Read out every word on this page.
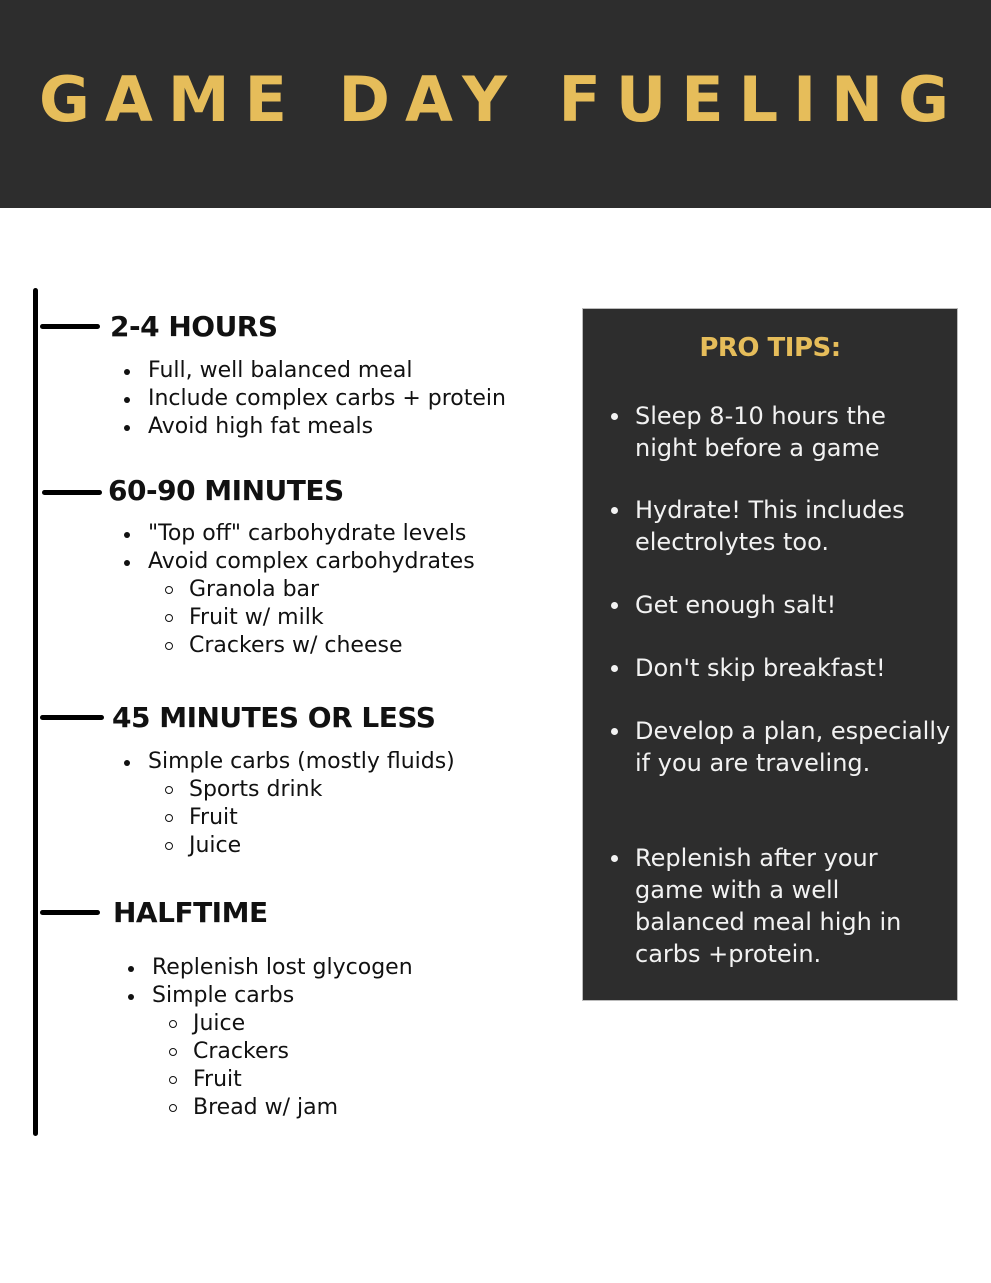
GAME DAY FUELING
2-4 HOURS
Full, well balanced meal
Include complex carbs + protein
Avoid high fat meals
60-90 MINUTES
"Top off" carbohydrate levels
Avoid complex carbohydrates
Granola bar
Fruit w/ milk
Crackers w/ cheese
45 MINUTES OR LESS
Simple carbs (mostly fluids)
Sports drink
Fruit
Juice
HALFTIME
Replenish lost glycogen
Simple carbs
Juice
Crackers
Fruit
Bread w/ jam
PRO TIPS:
Sleep 8-10 hours the night before a game
Hydrate! This includes electrolytes too.
Get enough salt!
Don't skip breakfast!
Develop a plan, especially if you are traveling.
Replenish after your game with a well balanced meal high in carbs +protein.
